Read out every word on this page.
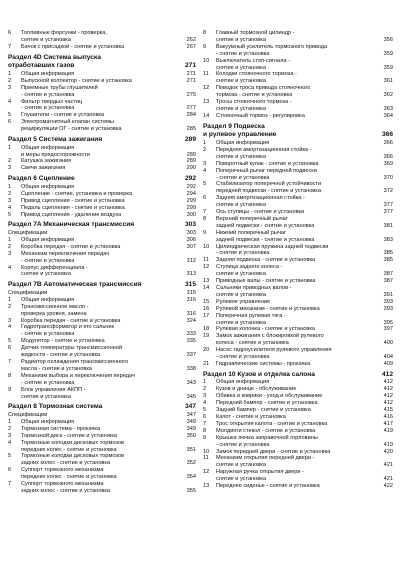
6	Топливные форсунки - проверка,
снятие и установка	262
7	Бачок с присадкой - снятие и установка	267
Раздел 4D Система выпуска
отработавших газов	271
1	Общая информация	271
2	Выпускной коллектор - снятие и установка	271
3	Приемные трубы глушителей
- снятие и установка	275
4	Фильтр твердых частиц
- снятие и установка	277
5	Глушители - снятие и установка	284
6	Электромагнитный клапан системы
рециркуляции ОГ - снятие и установка	285
Раздел 5 Система зажигания	289
1	Общая информация
и меры предосторожности	289
2	Катушка зажигания	289
3	Свечи зажигания	290
Раздел 6 Сцепление	292
1	Общая информация	292
2	Сцепление - снятие, установка и проверка	294
3	Привод сцепления - снятие и установка	299
4	Педаль сцепления - снятие и установка	299
5	Привод сцепления - удаление воздуха	300
Раздел 7A Механическая трансмиссия	303
Спецификации	303
1	Общая информация	306
2	Коробка передач - снятие и установка	307
3	Механизм переключения передач
- снятие и установка	312
4	Корпус дифференциала -
снятие и установка	313
Раздел 7B Автоматическая трансмиссия	315
Спецификации	315
1	Общая информация	316
2	Трансмиссионное масло -
проверка уровня, замена	316
3	Коробка передач - снятие и установка	324
4	Гидротрансформатор и его сальник
- снятие и установка	333
5	Модулятор - снятие и установка	335
6	Датчик температуры трансмиссионной
жидкости - снятие и установка	337
7	Радиатор охлаждения трансмиссионного
масла - снятие и установка	338
8	Механизм выбора и переключения передач
- снятие и установка	343
9	Блок управления АКПП -
снятие и установка	345
Раздел 8 Тормозная система	347
Спецификации	347
1	Общая информация	349
2	Тормозная система - прокачка	349
3	Тормозной диск - снятие и установка	350
4	Тормозные колодки дисковых тормозов
передних колес - снятие и установка	351
5	Тормозные колодки дисковых тормозов
задних колес - снятие и установка	352
6	Суппорт тормозного механизма
передних колес - снятие и установка	354
7	Суппорт тормозного механизма
задних колес - снятие и установка	355
8	Главный тормозной цилиндр -
снятие и установка	356
9	Вакуумный усилитель тормозного привода
- снятие и установка	359
10	Выключатель стоп-сигнала -
снятие и установка	359
11	Колодки стояночного тормоза -
снятие и установка	361
12	Поводок троса привода стояночного
тормоза - снятие и установка	362
13	Тросы стояночного тормоза -
снятие и установка	363
14	Стояночный тормоз - регулировка	364
Раздел 9 Подвеска
и рулевое управление	366
1	Общая информация	366
2	Передняя амортизационная стойка -
снятие и установка	366
3	Поворотный кулак - снятие и установка	369
4	Поперечный рычаг передней подвески
- снятие и установка	370
5	Стабилизатор поперечной устойчивости
передней подвески - снятие и установка	372
6	Задняя амортизационная стойка -
снятие и установка	377
7	Ось ступицы - снятие и установка	377
8	Верхний поперечный рычаг
задней подвески - снятие и установка	381
9	Нижний поперечный рычаг
задней подвески - снятие и установка	383
10	Цилиндрическая пружина задней подвески
- снятие и установка	385
11	Задняя подвеска - снятие и установка	385
12	Ступица заднего колеса -
снятие и установка	387
13	Приводные валы - снятие и установка	387
14	Сальники приводных валов -
снятие и установка	391
15	Рулевое управление	393
16	Рулевой механизм - снятие и установка	393
17	Поперечная рулевая тяга -
снятие и установка	395
18	Рулевая колонка - снятие и установка	397
19	Замок зажигания с блокировкой рулевого
колеса - снятие и установка	400
20	Насос гидроусилителя рулевого управления
- снятие и установка	404
21	Гидравлические системы - прокачка	409
Раздел 10 Кузов и отделка салона	412
1	Общая информация	412
2	Кузов и днище - обслуживание	412
3	Обивка и коврики - уход и обслуживание	412
4	Передний бампер - снятие и установка	412
5	Задний бампер - снятие и установка	415
6	Капот - снятие и установка	416
7	Трос открытия капота - снятие и установка	417
8	Молдинги стекол - снятие и установка	419
9	Крышка лючка заправочной горловины
- снятие и установка	419
10	Замок передней двери - снятие и установка	420
11	Механизм открытия передней двери -
снятие и установка	421
12	Наружная ручка открытия двери -
снятие и установка	421
13	Переднее сиденье - снятие и установка	422
